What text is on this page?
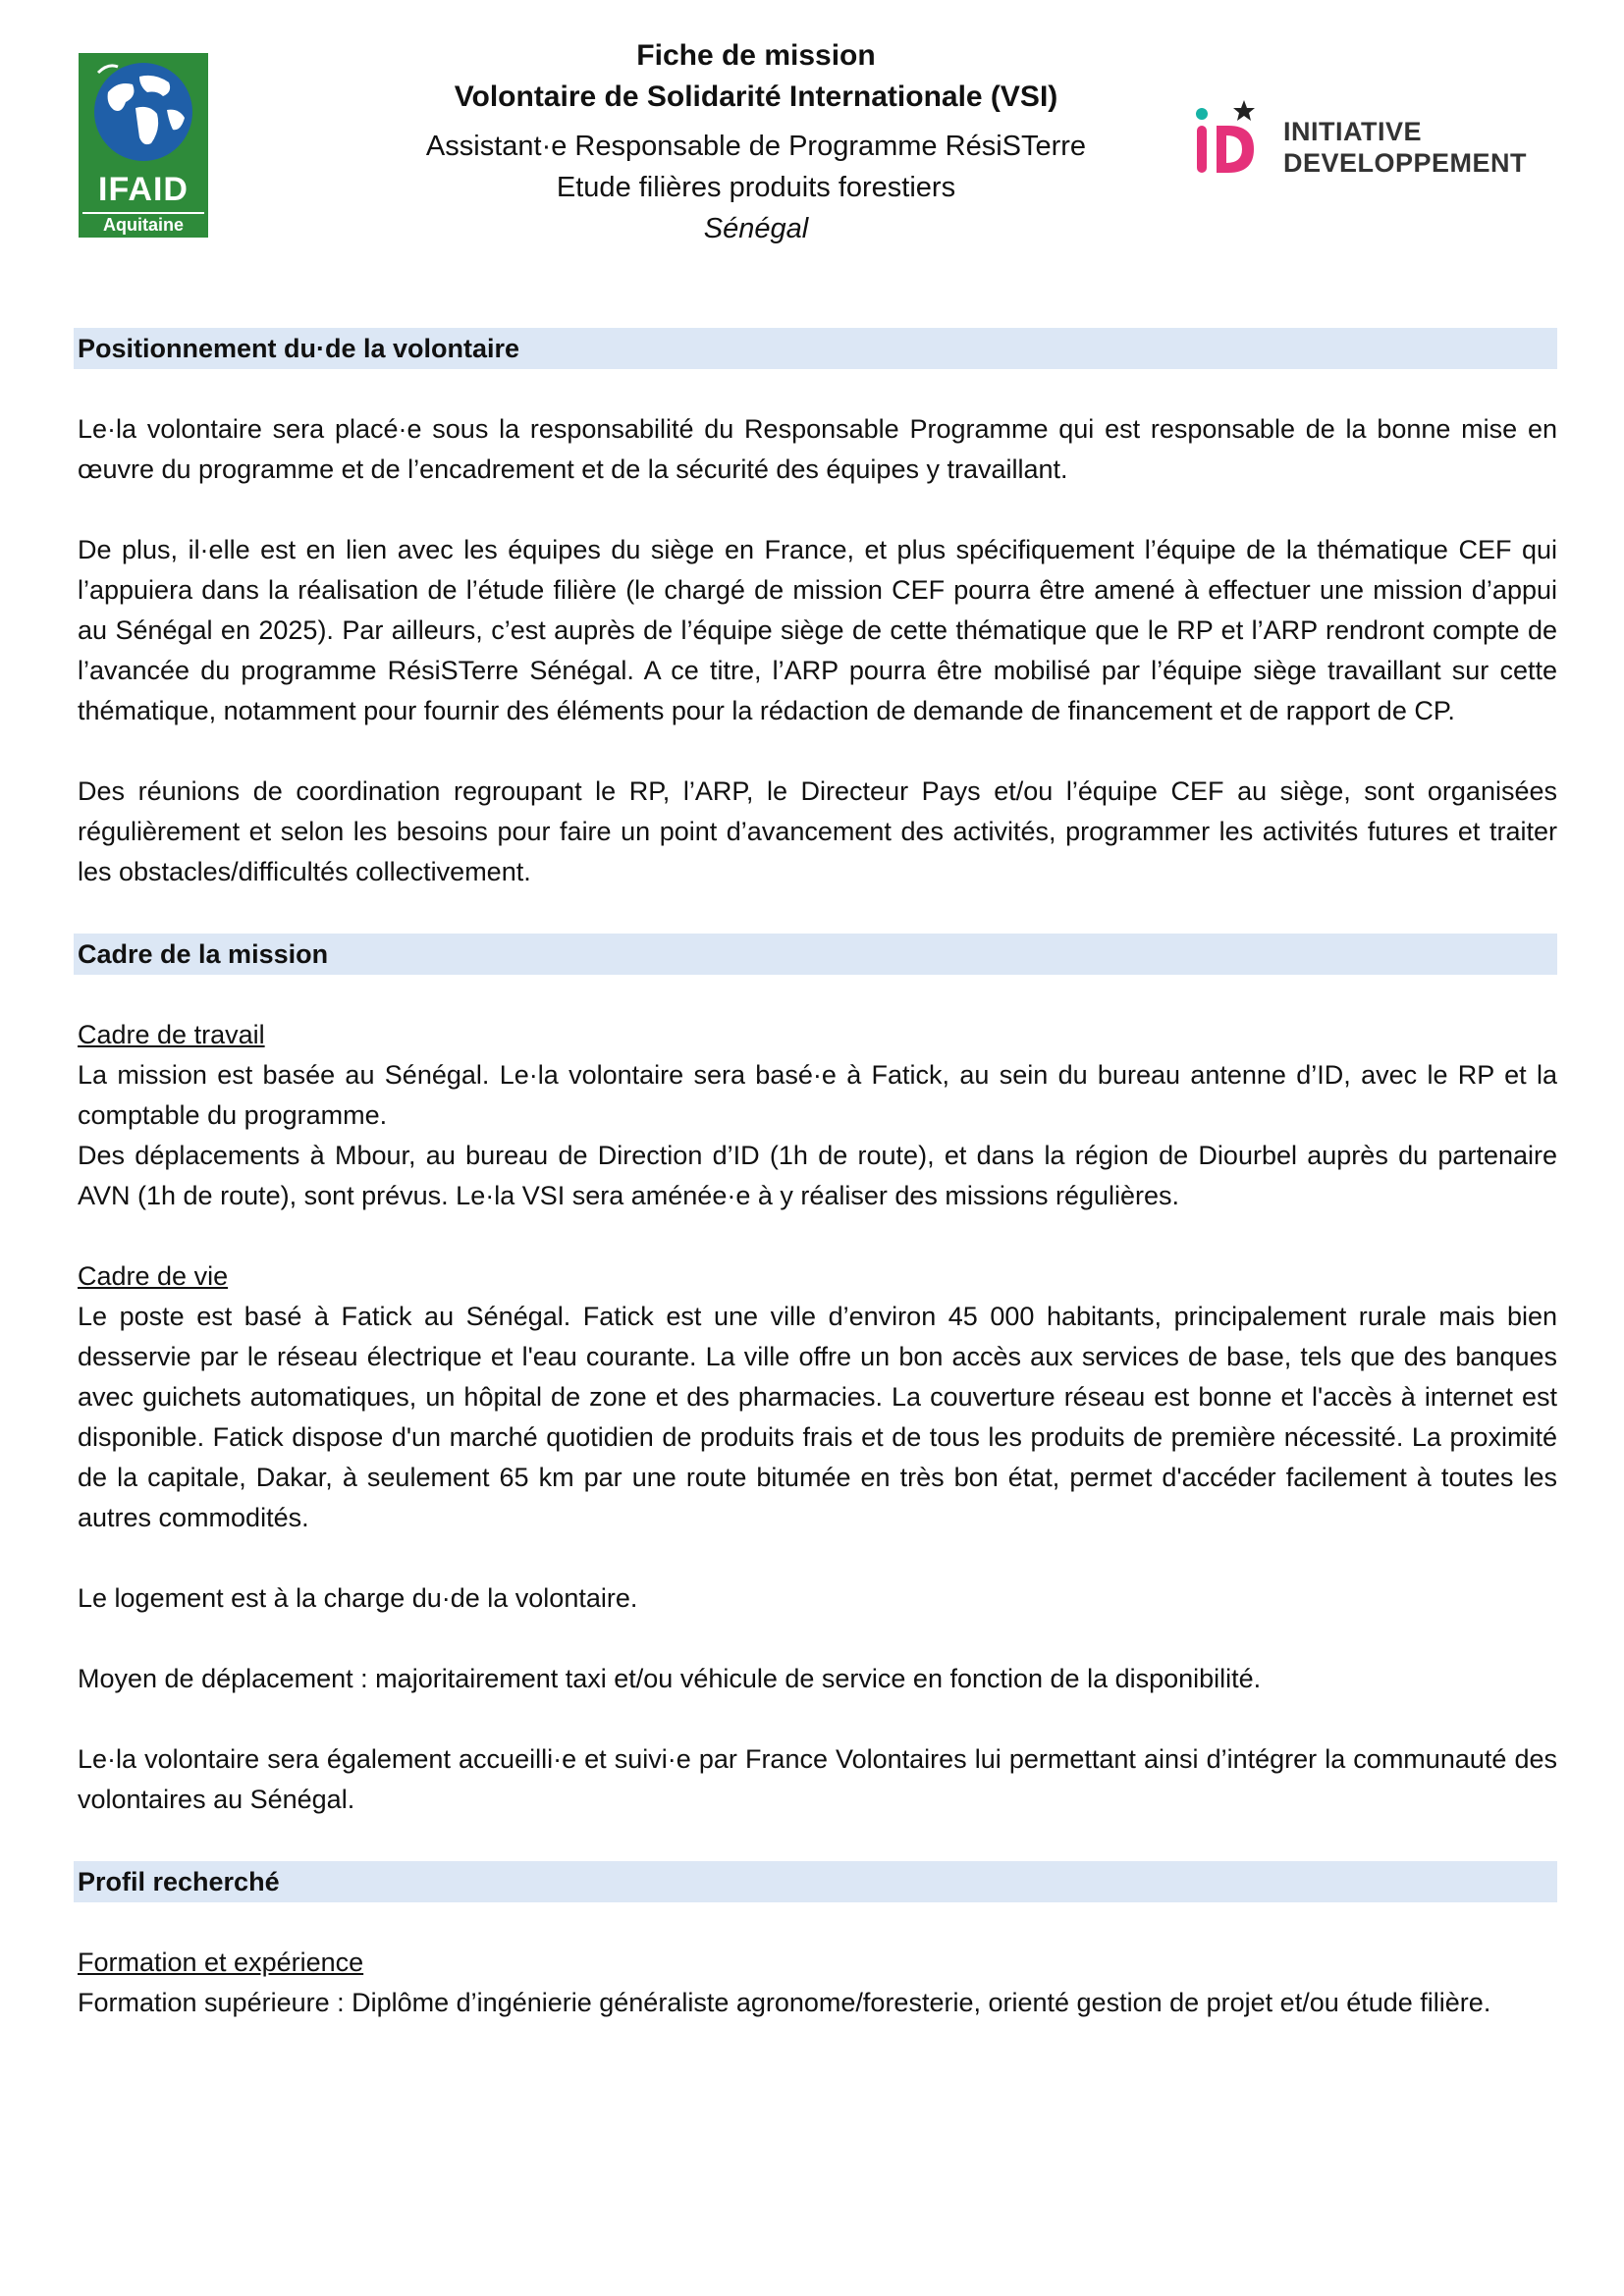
IFAID
Aquitaine
Fiche de mission
Volontaire de Solidarité Internationale (VSI)
Assistant·e Responsable de Programme RésiSTerre
Etude filières produits forestiers
Sénégal
INITIATIVE
DEVELOPPEMENT
Positionnement du·de la volontaire

Le·la volontaire sera placé·e sous la responsabilité du Responsable Programme qui est responsable de la bonne mise en œuvre du programme et de l’encadrement et de la sécurité des équipes y travaillant.

De plus, il·elle est en lien avec les équipes du siège en France, et plus spécifiquement l’équipe de la thématique CEF qui l’appuiera dans la réalisation de l’étude filière (le chargé de mission CEF pourra être amené à effectuer une mission d’appui au Sénégal en 2025). Par ailleurs, c’est auprès de l’équipe siège de cette thématique que le RP et l’ARP rendront compte de l’avancée du programme RésiSTerre Sénégal. A ce titre, l’ARP pourra être mobilisé par l’équipe siège travaillant sur cette thématique, notamment pour fournir des éléments pour la rédaction de demande de financement et de rapport de CP.

Des réunions de coordination regroupant le RP, l’ARP, le Directeur Pays et/ou l’équipe CEF au siège, sont organisées régulièrement et selon les besoins pour faire un point d’avancement des activités, programmer les activités futures et traiter les obstacles/difficultés collectivement.

Cadre de la mission
Cadre de travail

La mission est basée au Sénégal. Le·la volontaire sera basé·e à Fatick, au sein du bureau antenne d’ID, avec le RP et la comptable du programme.

Des déplacements à Mbour, au bureau de Direction d’ID (1h de route), et dans la région de Diourbel auprès du partenaire AVN (1h de route), sont prévus. Le·la VSI sera aménée·e à y réaliser des missions régulières.

Cadre de vie

Le poste est basé à Fatick au Sénégal. Fatick est une ville d’environ 45 000 habitants, principalement rurale mais bien desservie par le réseau électrique et l'eau courante. La ville offre un bon accès aux services de base, tels que des banques avec guichets automatiques, un hôpital de zone et des pharmacies. La couverture réseau est bonne et l'accès à internet est disponible. Fatick dispose d'un marché quotidien de produits frais et de tous les produits de première nécessité. La proximité de la capitale, Dakar, à seulement 65 km par une route bitumée en très bon état, permet d'accéder facilement à toutes les autres commodités.

Le logement est à la charge du·de la volontaire.

Moyen de déplacement : majoritairement taxi et/ou véhicule de service en fonction de la disponibilité.

Le·la volontaire sera également accueilli·e et suivi·e par France Volontaires lui permettant ainsi d’intégrer la communauté des volontaires au Sénégal.

Profil recherché
Formation et expérience

Formation supérieure : Diplôme d’ingénierie généraliste agronome/foresterie, orienté gestion de projet et/ou étude filière.
